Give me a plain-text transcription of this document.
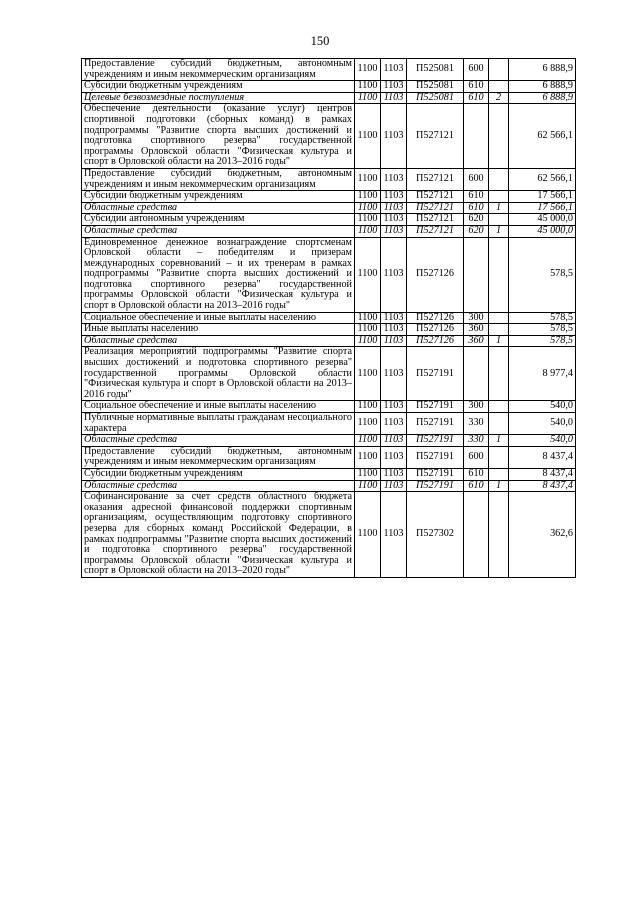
150
Предоставление субсидий бюджетным, автономным учреждениям и иным некоммерческим организациям	1100	1103	П525081	600		6 888,9
Субсидии бюджетным учреждениям	1100	1103	П525081	610		6 888,9
Целевые безвозмездные поступления	1100	1103	П525081	610	2	6 888,9
Обеспечение деятельности (оказание услуг) центров спортивной подготовки (сборных команд) в рамках подпрограммы "Развитие спорта высших достижений и подготовка спортивного резерва" государственной программы Орловской области "Физическая культура и спорт в Орловской области на 2013–2016 годы"	1100	1103	П527121			62 566,1
Предоставление субсидий бюджетным, автономным учреждениям и иным некоммерческим организациям	1100	1103	П527121	600		62 566,1
Субсидии бюджетным учреждениям	1100	1103	П527121	610		17 566,1
Областные средства	1100	1103	П527121	610	1	17 566,1
Субсидии автономным учреждениям	1100	1103	П527121	620		45 000,0
Областные средства	1100	1103	П527121	620	1	45 000,0
Единовременное денежное вознаграждение спортсменам Орловской области – победителям и призерам международных соревнований – и их тренерам в рамках подпрограммы "Развитие спорта высших достижений и подготовка спортивного резерва" государственной программы Орловской области "Физическая культура и спорт в Орловской области на 2013–2016 годы"	1100	1103	П527126			578,5
Социальное обеспечение и иные выплаты населению	1100	1103	П527126	300		578,5
Иные выплаты населению	1100	1103	П527126	360		578,5
Областные средства	1100	1103	П527126	360	1	578,5
Реализация мероприятий подпрограммы "Развитие спорта высших достижений и подготовка спортивного резерва" государственной программы Орловской области "Физическая культура и спорт в Орловской области на 2013–2016 годы"	1100	1103	П527191			8 977,4
Социальное обеспечение и иные выплаты населению	1100	1103	П527191	300		540,0
Публичные нормативные выплаты гражданам несоциального характера	1100	1103	П527191	330		540,0
Областные средства	1100	1103	П527191	330	1	540,0
Предоставление субсидий бюджетным, автономным учреждениям и иным некоммерческим организациям	1100	1103	П527191	600		8 437,4
Субсидии бюджетным учреждениям	1100	1103	П527191	610		8 437,4
Областные средства	1100	1103	П527191	610	1	8 437,4
Софинансирование за счет средств областного бюджета оказания адресной финансовой поддержки спортивным организациям, осуществляющим подготовку спортивного резерва для сборных команд Российской Федерации, в рамках подпрограммы "Развитие спорта высших достижений и подготовка спортивного резерва" государственной программы Орловской области "Физическая культура и спорт в Орловской области на 2013–2020 годы"	1100	1103	П527302			362,6
